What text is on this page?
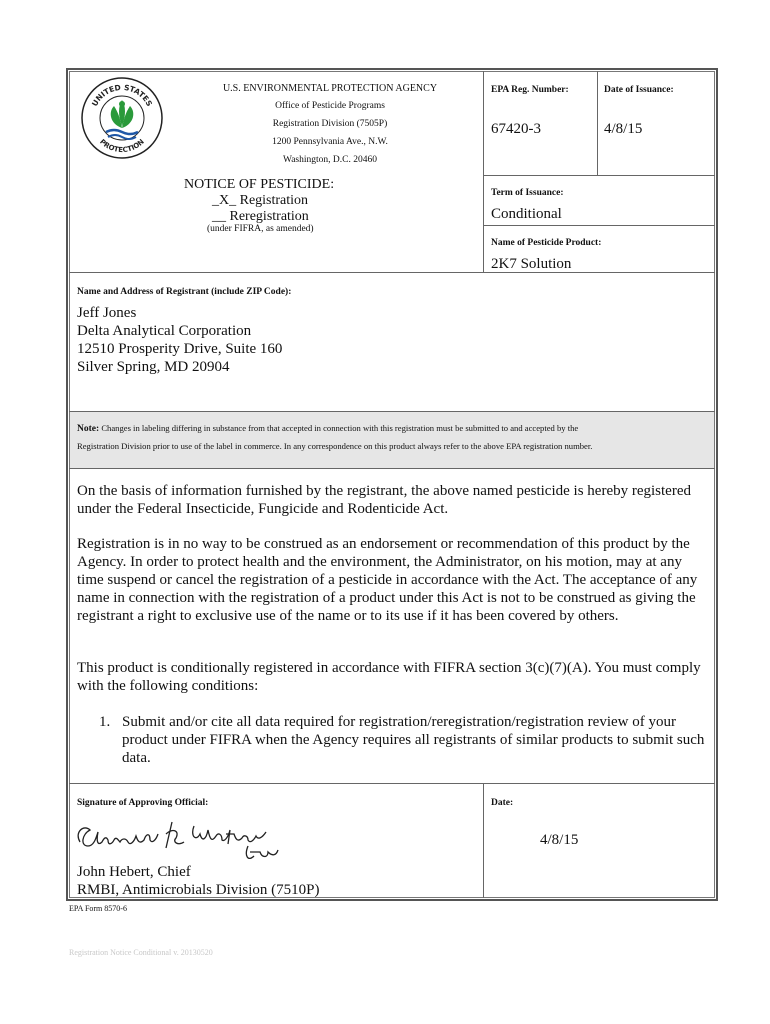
UNITED STATES
PROTECTION
U.S. ENVIRONMENTAL PROTECTION AGENCY
Office of Pesticide Programs
Registration Division (7505P)
1200 Pennsylvania Ave., N.W.
Washington, D.C. 20460
NOTICE OF PESTICIDE:
_X_ Registration
__ Reregistration
(under FIFRA, as amended)
EPA Reg. Number:
67420-3
Date of Issuance:
4/8/15
Term of Issuance:
Conditional
Name of Pesticide Product:
2K7 Solution
Name and Address of Registrant (include ZIP Code):
Jeff Jones
Delta Analytical Corporation
12510 Prosperity Drive, Suite 160
Silver Spring, MD 20904
Note: Changes in labeling differing in substance from that accepted in connection with this registration must be submitted to and accepted by the
Registration Division prior to use of the label in commerce. In any correspondence on this product always refer to the above EPA registration number.
On the basis of information furnished by the registrant, the above named pesticide is hereby registered
under the Federal Insecticide, Fungicide and Rodenticide Act.
Registration is in no way to be construed as an endorsement or recommendation of this product by the
Agency. In order to protect health and the environment, the Administrator, on his motion, may at any
time suspend or cancel the registration of a pesticide in accordance with the Act. The acceptance of any
name in connection with the registration of a product under this Act is not to be construed as giving the
registrant a right to exclusive use of the name or to its use if it has been covered by others.
This product is conditionally registered in accordance with FIFRA section 3(c)(7)(A). You must comply
with the following conditions:
1. Submit and/or cite all data required for registration/reregistration/registration review of your
product under FIFRA when the Agency requires all registrants of similar products to submit such
data.
Signature of Approving Official:
John Hebert, Chief
RMBI, Antimicrobials Division (7510P)
Date:
4/8/15
EPA Form 8570-6
Registration Notice Conditional v. 20130520
